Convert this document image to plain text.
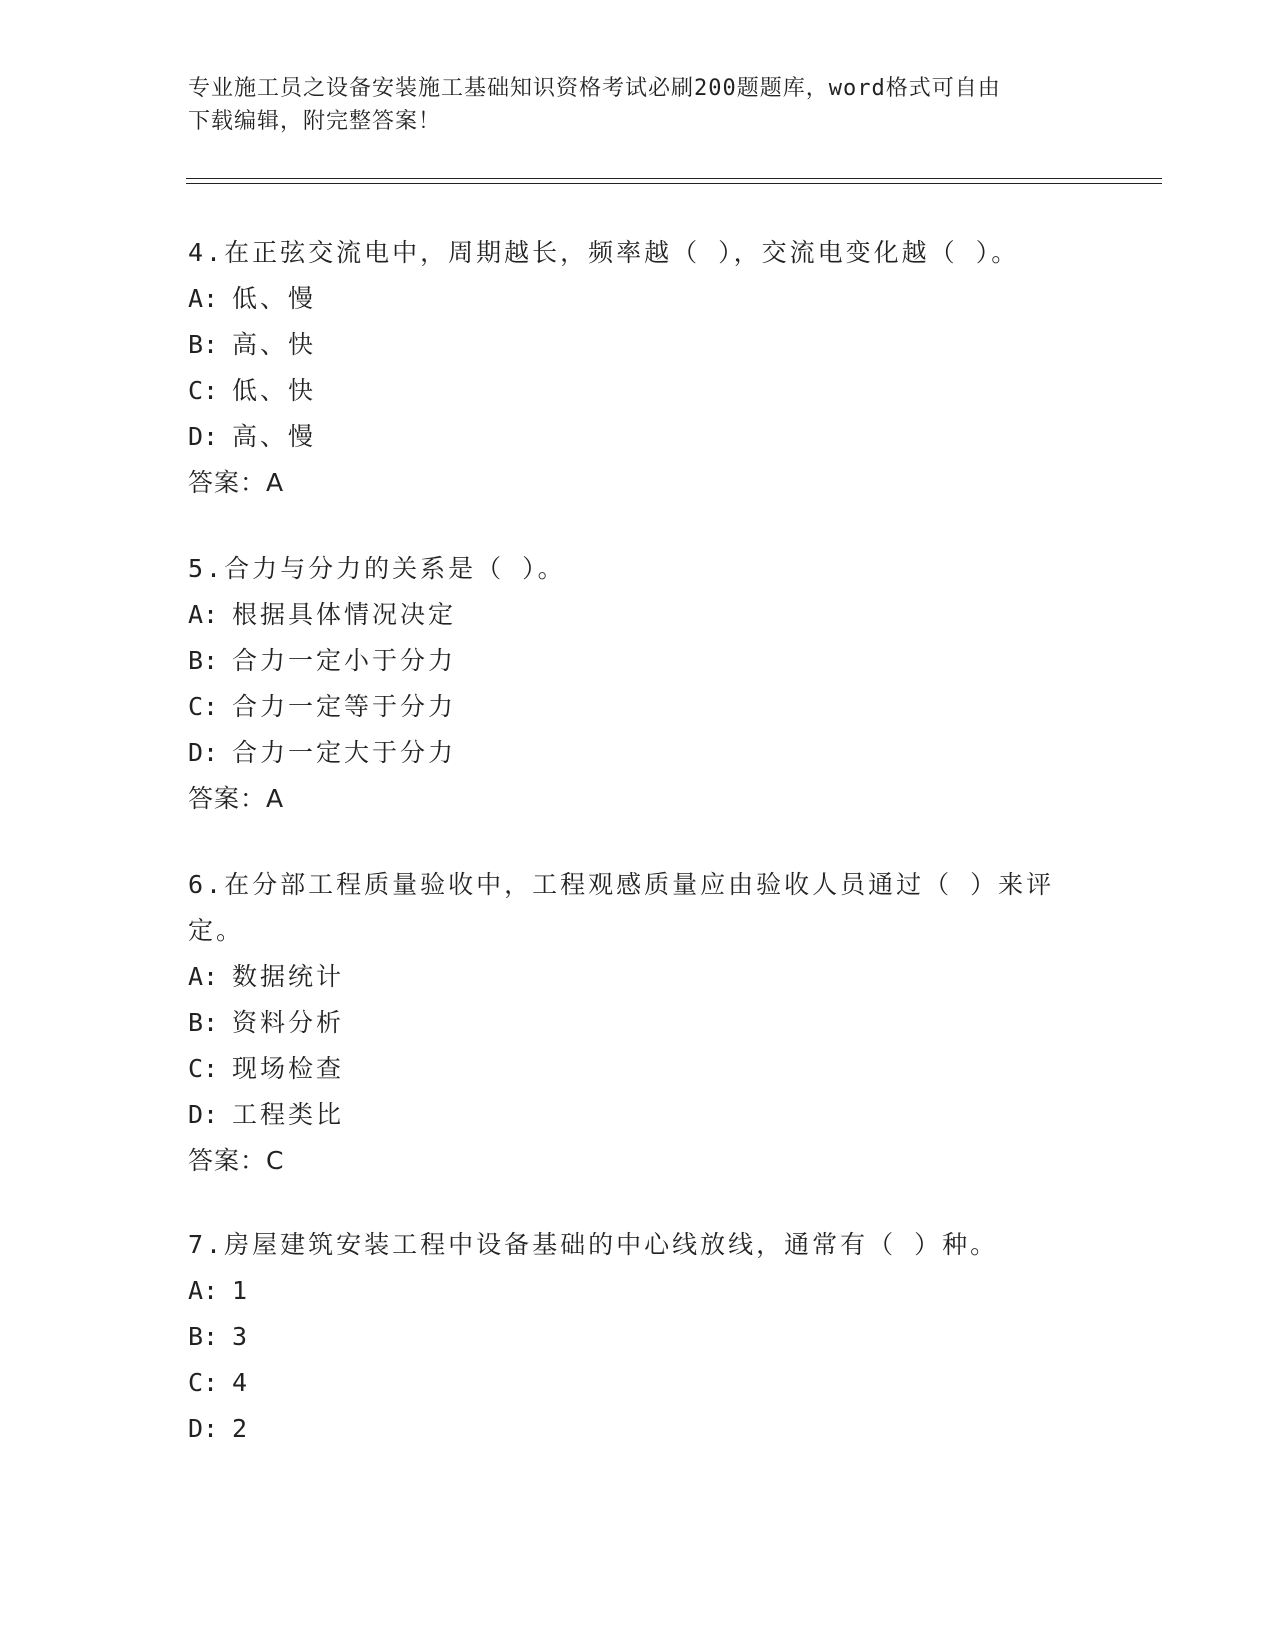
专业施工员之设备安装施工基础知识资格考试必刷200题题库，word格式可自由
下载编辑，附完整答案！
4.在正弦交流电中，周期越长，频率越（ ），交流电变化越（ ）。
A: 低、慢
B: 高、快
C: 低、快
D: 高、慢
答案：A
5.合力与分力的关系是（ ）。
A: 根据具体情况决定
B: 合力一定小于分力
C: 合力一定等于分力
D: 合力一定大于分力
答案：A
6.在分部工程质量验收中，工程观感质量应由验收人员通过（ ）来评
定。
A: 数据统计
B: 资料分析
C: 现场检查
D: 工程类比
答案：C
7.房屋建筑安装工程中设备基础的中心线放线，通常有（ ）种。
A: 1
B: 3
C: 4
D: 2
